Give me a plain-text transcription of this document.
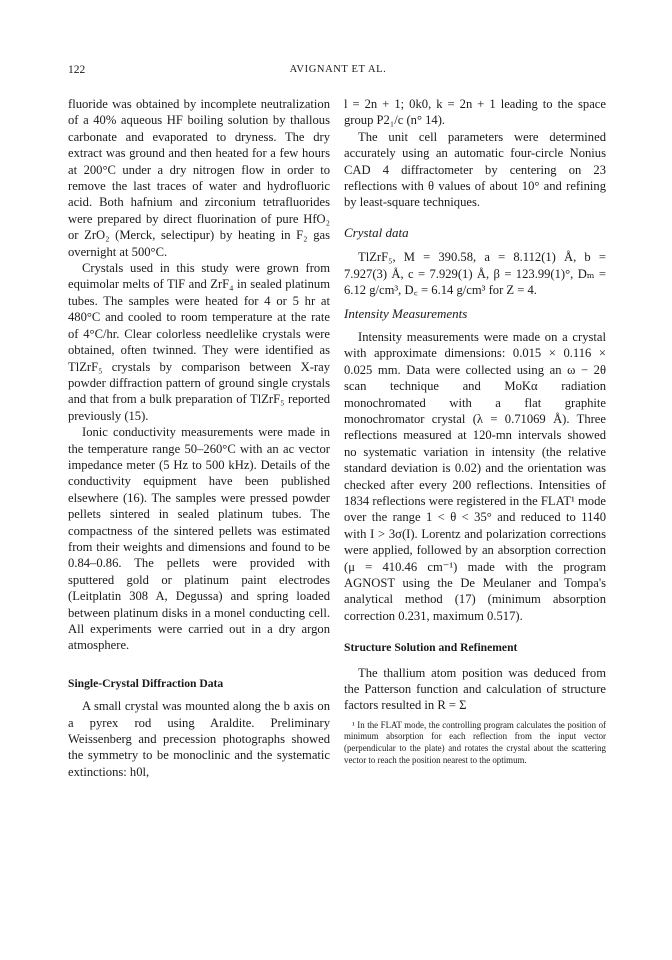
122	AVIGNANT ET AL.

fluoride was obtained by incomplete neutralization of a 40% aqueous HF boiling solution by thallous carbonate and evaporated to dryness. The dry extract was ground and then heated for a few hours at 200°C under a dry nitrogen flow in order to remove the last traces of water and hydrofluoric acid. Both hafnium and zirconium tetrafluorides were prepared by direct fluorination of pure HfO₂ or ZrO₂ (Merck, selectipur) by heating in F₂ gas overnight at 500°C.

Crystals used in this study were grown from equimolar melts of TlF and ZrF₄ in sealed platinum tubes. The samples were heated for 4 or 5 hr at 480°C and cooled to room temperature at the rate of 4°C/hr. Clear colorless needlelike crystals were obtained, often twinned. They were identified as TlZrF₅ crystals by comparison between X-ray powder diffraction pattern of ground single crystals and that from a bulk preparation of TlZrF₅ reported previously (15).

Ionic conductivity measurements were made in the temperature range 50–260°C with an ac vector impedance meter (5 Hz to 500 kHz). Details of the conductivity equipment have been published elsewhere (16). The samples were pressed powder pellets sintered in sealed platinum tubes. The compactness of the sintered pellets was estimated from their weights and dimensions and found to be 0.84–0.86. The pellets were provided with sputtered gold or platinum paint electrodes (Leitplatin 308 A, Degussa) and spring loaded between platinum disks in a monel conducting cell. All experiments were carried out in a dry argon atmosphere.

Single-Crystal Diffraction Data

A small crystal was mounted along the b axis on a pyrex rod using Araldite. Preliminary Weissenberg and precession photographs showed the symmetry to be monoclinic and the systematic extinctions: h0l,

l = 2n + 1; 0k0, k = 2n + 1 leading to the space group P2₁/c (n° 14).

The unit cell parameters were determined accurately using an automatic four-circle Nonius CAD 4 diffractometer by centering on 23 reflections with θ values of about 10° and refining by least-square techniques.

Crystal data

TlZrF₅, M = 390.58, a = 8.112(1) Å, b = 7.927(3) Å, c = 7.929(1) Å, β = 123.99(1)°, Dₘ = 6.12 g/cm³, D꜀ = 6.14 g/cm³ for Z = 4.

Intensity Measurements

Intensity measurements were made on a crystal with approximate dimensions: 0.015 × 0.116 × 0.025 mm. Data were collected using an ω − 2θ scan technique and MoKα radiation monochromated with a flat graphite monochromator crystal (λ = 0.71069 Å). Three reflections measured at 120-mn intervals showed no systematic variation in intensity (the relative standard deviation is 0.02) and the orientation was checked after every 200 reflections. Intensities of 1834 reflections were registered in the FLAT¹ mode over the range 1 < θ < 35° and reduced to 1140 with I > 3σ(I). Lorentz and polarization corrections were applied, followed by an absorption correction (μ = 410.46 cm⁻¹) made with the program AGNOST using the De Meulaner and Tompa's analytical method (17) (minimum absorption correction 0.231, maximum 0.517).

Structure Solution and Refinement

The thallium atom position was deduced from the Patterson function and calculation of structure factors resulted in R = Σ

¹ In the FLAT mode, the controlling program calculates the position of minimum absorption for each reflection from the input vector (perpendicular to the plate) and rotates the crystal about the scattering vector to reach the position nearest to the optimum.
